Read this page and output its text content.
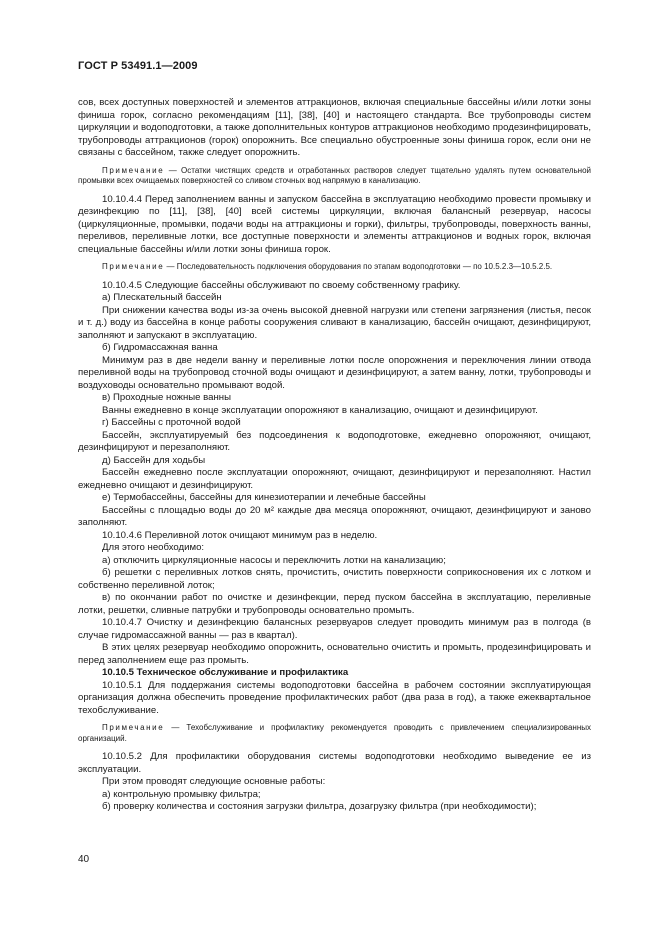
ГОСТ Р 53491.1—2009

сов, всех доступных поверхностей и элементов аттракционов, включая специальные бассейны и/или лотки зоны финиша горок, согласно рекомендациям [11], [38], [40] и настоящего стандарта. Все трубопроводы систем циркуляции и водоподготовки, а также дополнительных контуров аттракционов необходимо продезинфицировать, трубопроводы аттракционов (горок) опорожнить. Все специально обустроенные зоны финиша горок, если они не связаны с бассейном, также следует опорожнить.

Примечание — Остатки чистящих средств и отработанных растворов следует тщательно удалять путем основательной промывки всех очищаемых поверхностей со сливом сточных вод напрямую в канализацию.

10.10.4.4 Перед заполнением ванны и запуском бассейна в эксплуатацию необходимо провести промывку и дезинфекцию по [11], [38], [40] всей системы циркуляции, включая балансный резервуар, насосы (циркуляционные, промывки, подачи воды на аттракционы и горки), фильтры, трубопроводы, поверхность ванны, переливов, переливные лотки, все доступные поверхности и элементы аттракционов и водных горок, включая специальные бассейны и/или лотки зоны финиша горок.

Примечание — Последовательность подключения оборудования по этапам водоподготовки — по 10.5.2.3—10.5.2.5.

10.10.4.5 Следующие бассейны обслуживают по своему собственному графику.

а) Плескательный бассейн

При снижении качества воды из-за очень высокой дневной нагрузки или степени загрязнения (листья, песок и т. д.) воду из бассейна в конце работы сооружения сливают в канализацию, бассейн очищают, дезинфицируют, заполняют и запускают в эксплуатацию.

б) Гидромассажная ванна

Минимум раз в две недели ванну и переливные лотки после опорожнения и переключения линии отвода переливной воды на трубопровод сточной воды очищают и дезинфицируют, а затем ванну, лотки, трубопроводы и воздуховоды основательно промывают водой.

в) Проходные ножные ванны

Ванны ежедневно в конце эксплуатации опорожняют в канализацию, очищают и дезинфицируют.

г) Бассейны с проточной водой

Бассейн, эксплуатируемый без подсоединения к водоподготовке, ежедневно опорожняют, очищают, дезинфицируют и перезаполняют.

д) Бассейн для ходьбы

Бассейн ежедневно после эксплуатации опорожняют, очищают, дезинфицируют и перезаполняют. Настил ежедневно очищают и дезинфицируют.

е) Термобассейны, бассейны для кинезиотерапии и лечебные бассейны

Бассейны с площадью воды до 20 м² каждые два месяца опорожняют, очищают, дезинфицируют и заново заполняют.

10.10.4.6 Переливной лоток очищают минимум раз в неделю.

Для этого необходимо:

а) отключить циркуляционные насосы и переключить лотки на канализацию;

б) решетки с переливных лотков снять, прочистить, очистить поверхности соприкосновения их с лотком и собственно переливной лоток;

в) по окончании работ по очистке и дезинфекции, перед пуском бассейна в эксплуатацию, переливные лотки, решетки, сливные патрубки и трубопроводы основательно промыть.

10.10.4.7 Очистку и дезинфекцию балансных резервуаров следует проводить минимум раз в полгода (в случае гидромассажной ванны — раз в квартал).

В этих целях резервуар необходимо опорожнить, основательно очистить и промыть, продезинфицировать и перед заполнением еще раз промыть.

10.10.5 Техническое обслуживание и профилактика

10.10.5.1 Для поддержания системы водоподготовки бассейна в рабочем состоянии эксплуатирующая организация должна обеспечить проведение профилактических работ (два раза в год), а также ежеквартальное техобслуживание.

Примечание — Техобслуживание и профилактику рекомендуется проводить с привлечением специализированных организаций.

10.10.5.2 Для профилактики оборудования системы водоподготовки необходимо выведение ее из эксплуатации.

При этом проводят следующие основные работы:

а) контрольную промывку фильтра;

б) проверку количества и состояния загрузки фильтра, дозагрузку фильтра (при необходимости);

40
